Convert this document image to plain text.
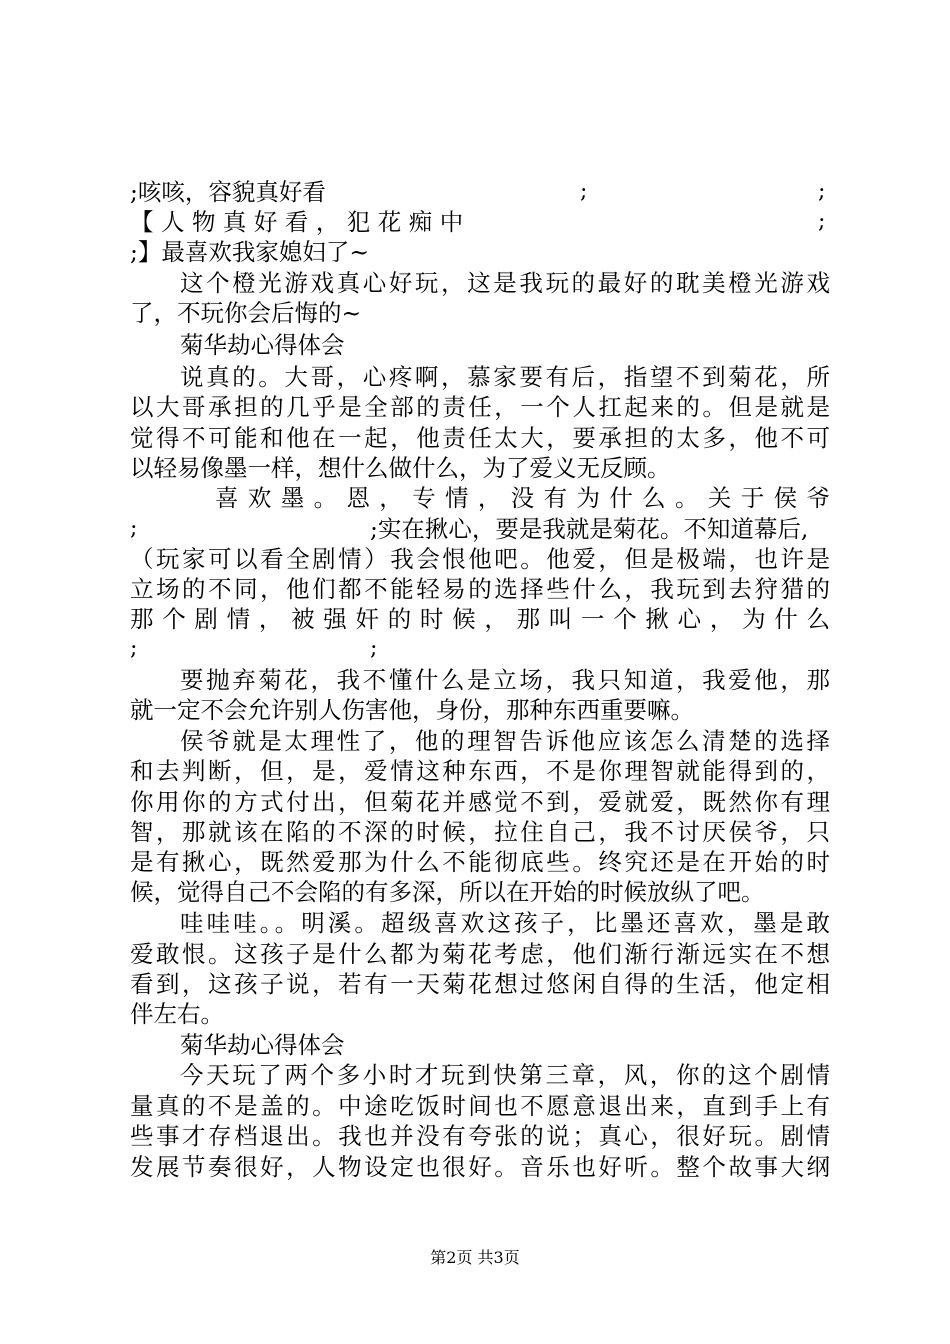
;咳咳，容貌真好看	;	;
【 人 物 真 好 看 ， 犯 花 痴 中	;
;】最喜欢我家媳妇了~
这个橙光游戏真心好玩，这是我玩的最好的耽美橙光游戏
了，不玩你会后悔的~
菊华劫心得体会
说真的。大哥，心疼啊，慕家要有后，指望不到菊花，所
以大哥承担的几乎是全部的责任，一个人扛起来的。但是就是
觉得不可能和他在一起，他责任太大，要承担的太多，他不可
以轻易像墨一样，想什么做什么，为了爱义无反顾。
喜 欢 墨 。 恩 ， 专 情 ， 没 有 为 什 么 。 关 于 侯 爷
;	;实在揪心，要是我就是菊花。不知道幕后,
（玩家可以看全剧情）我会恨他吧。他爱，但是极端，也许是
立场的不同，他们都不能轻易的选择些什么，我玩到去狩猎的
那 个 剧 情 ， 被 强 奸 的 时 候 ， 那 叫 一 个 揪 心 ， 为 什 么
;	;
要抛弃菊花，我不懂什么是立场，我只知道，我爱他，那
就一定不会允许别人伤害他，身份，那种东西重要嘛。
侯爷就是太理性了，他的理智告诉他应该怎么清楚的选择
和去判断，但，是，爱情这种东西，不是你理智就能得到的，
你用你的方式付出，但菊花并感觉不到，爱就爱，既然你有理
智，那就该在陷的不深的时候，拉住自己，我不讨厌侯爷，只
是有揪心，既然爱那为什么不能彻底些。终究还是在开始的时
候，觉得自己不会陷的有多深，所以在开始的时候放纵了吧。
哇哇哇。。明溪。超级喜欢这孩子，比墨还喜欢，墨是敢
爱敢恨。这孩子是什么都为菊花考虑，他们渐行渐远实在不想
看到，这孩子说，若有一天菊花想过悠闲自得的生活，他定相
伴左右。
菊华劫心得体会
今天玩了两个多小时才玩到快第三章，风，你的这个剧情
量真的不是盖的。中途吃饭时间也不愿意退出来，直到手上有
些事才存档退出。我也并没有夸张的说；真心，很好玩。剧情
发展节奏很好，人物设定也很好。音乐也好听。整个故事大纲
第2页 共3页
